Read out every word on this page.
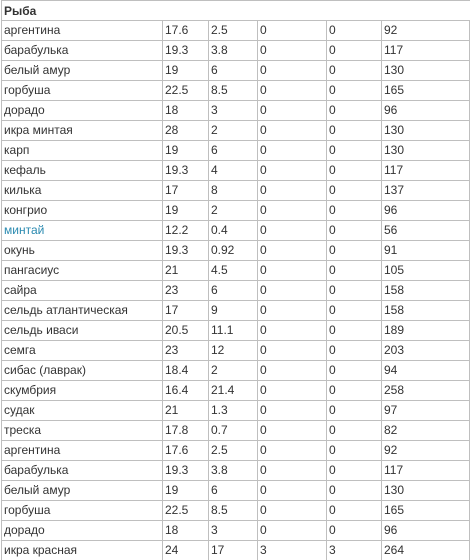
Рыба					
аргентина	17.6	2.5	0	0	92
барабулька	19.3	3.8	0	0	117
белый амур	19	6	0	0	130
горбуша	22.5	8.5	0	0	165
дорадо	18	3	0	0	96
икра минтая	28	2	0	0	130
карп	19	6	0	0	130
кефаль	19.3	4	0	0	117
килька	17	8	0	0	137
конгрио	19	2	0	0	96
минтай	12.2	0.4	0	0	56
окунь	19.3	0.92	0	0	91
пангасиус	21	4.5	0	0	105
сайра	23	6	0	0	158
сельдь атлантическая	17	9	0	0	158
сельдь иваси	20.5	11.1	0	0	189
семга	23	12	0	0	203
сибас (лаврак)	18.4	2	0	0	94
скумбрия	16.4	21.4	0	0	258
судак	21	1.3	0	0	97
треска	17.8	0.7	0	0	82
аргентина	17.6	2.5	0	0	92
барабулька	19.3	3.8	0	0	117
белый амур	19	6	0	0	130
горбуша	22.5	8.5	0	0	165
дорадо	18	3	0	0	96
икра красная	24	17	3	3	264
